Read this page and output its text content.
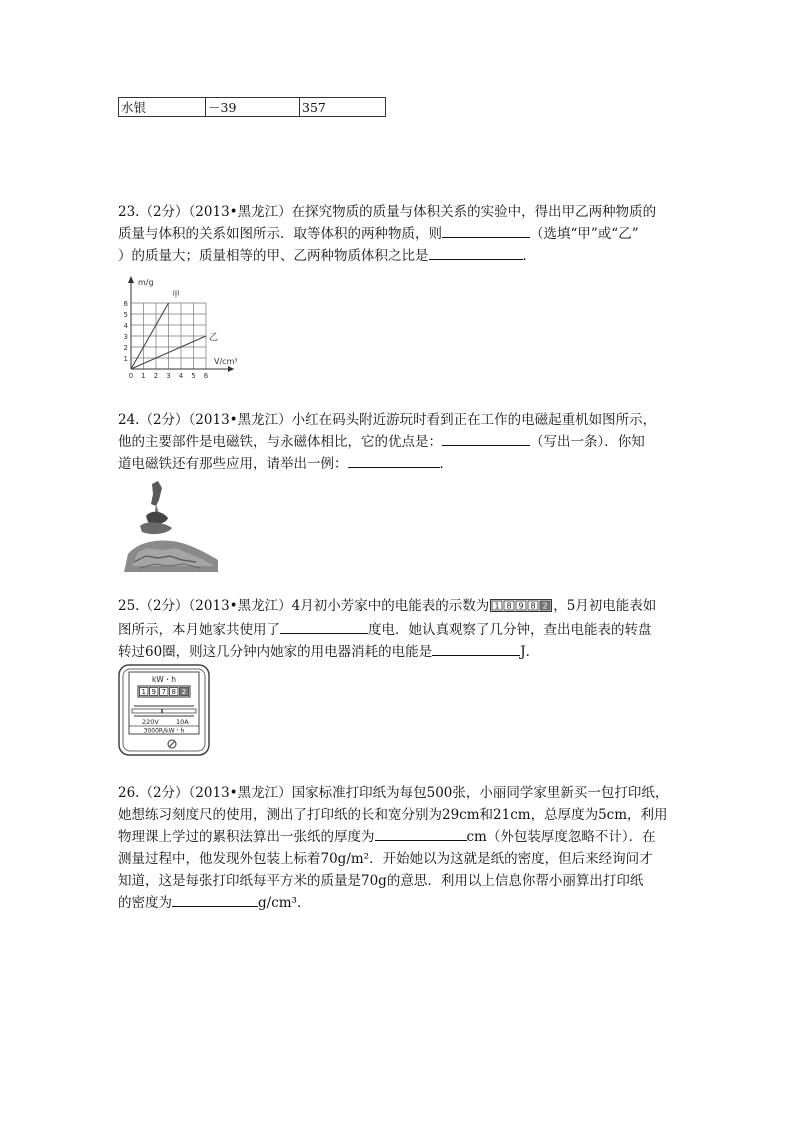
水银	－39	357
23.（2分）（2013•黑龙江）在探究物质的质量与体积关系的实验中，得出甲乙两种物质的
质量与体积的关系如图所示．取等体积的两种物质，则	（选填“甲”或“乙”
）的质量大；质量相等的甲、乙两种物质体积之比是	．
甲
乙
m/g
V/cm³
1
2
3
4
5
6
0 1 2 3 4 5 6
24.（2分）（2013•黑龙江）小红在码头附近游玩时看到正在工作的电磁起重机如图所示，
他的主要部件是电磁铁，与永磁体相比，它的优点是：	（写出一条）．你知
道电磁铁还有那些应用，请举出一例：	．
25.（2分）（2013•黑龙江）4月初小芳家中的电能表的示数为 1 8 9 8 2 ，5月初电能表如
图所示，本月她家共使用了	度电．她认真观察了几分钟，查出电能表的转盘
转过60圈，则这几分钟内她家的用电器消耗的电能是	J．
kW・h
1 9 7 8 2
220V	10A
3000R/kW・h
26.（2分）（2013•黑龙江）国家标准打印纸为每包500张，小丽同学家里新买一包打印纸，
她想练习刻度尺的使用，测出了打印纸的长和宽分别为29cm和21cm，总厚度为5cm，利用
物理课上学过的累积法算出一张纸的厚度为	cm（外包装厚度忽略不计）．在
测量过程中，他发现外包装上标着70g/m²．开始她以为这就是纸的密度，但后来经询问才
知道，这是每张打印纸每平方米的质量是70g的意思．利用以上信息你帮小丽算出打印纸
的密度为	g/cm³．
